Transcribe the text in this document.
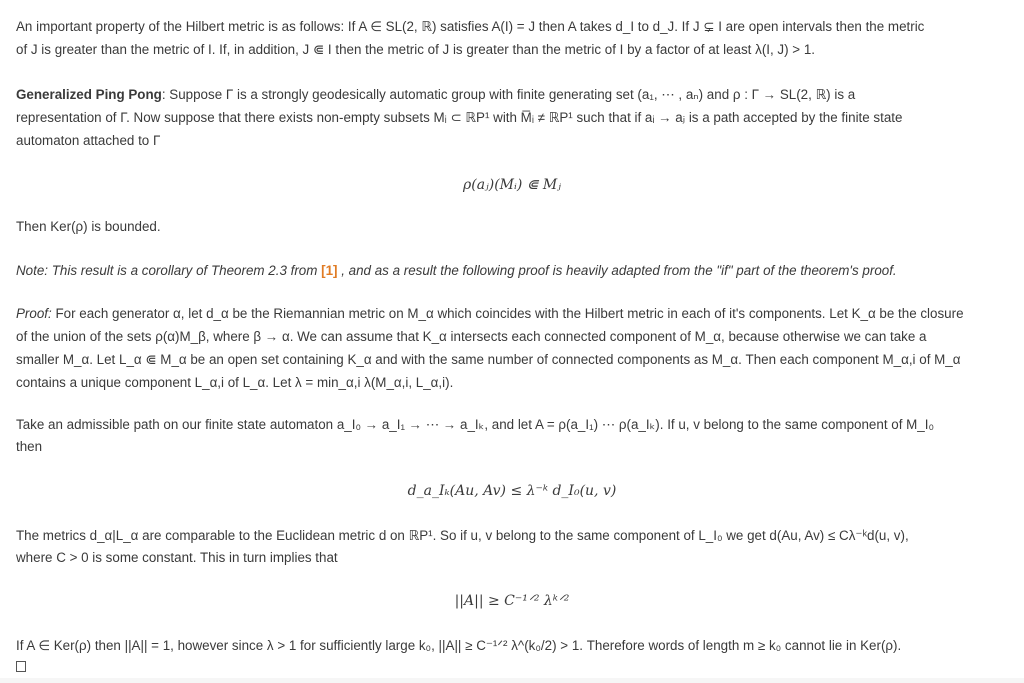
An important property of the Hilbert metric is as follows: If A ∈ SL(2, ℝ) satisfies A(I) = J then A takes d_I to d_J. If J ⊊ I are open intervals then the metric
of J is greater than the metric of I. If, in addition, J ⋐ I then the metric of J is greater than the metric of I by a factor of at least λ(I, J) > 1.
Generalized Ping Pong: Suppose Γ is a strongly geodesically automatic group with finite generating set (a₁, ⋯ , aₙ) and ρ : Γ → SL(2, ℝ) is a
representation of Γ. Now suppose that there exists non-empty subsets Mᵢ ⊂ ℝP¹ with M̅ᵢ ≠ ℝP¹ such that if aᵢ → aⱼ is a path accepted by the finite state
automaton attached to Γ
ρ(aⱼ)(Mᵢ) ⋐ Mⱼ
Then Ker(ρ) is bounded.
Note: This result is a corollary of Theorem 2.3 from [1] , and as a result the following proof is heavily adapted from the "if" part of the theorem's proof.
Proof: For each generator α, let d_α be the Riemannian metric on M_α which coincides with the Hilbert metric in each of it's components. Let K_α be the closure
of the union of the sets ρ(α)M_β, where β → α. We can assume that K_α intersects each connected component of M_α, because otherwise we can take a
smaller M_α. Let L_α ⋐ M_α be an open set containing K_α and with the same number of connected components as M_α. Then each component M_α,i of M_α
contains a unique component L_α,i of L_α. Let λ = min_α,i λ(M_α,i, L_α,i).
Take an admissible path on our finite state automaton a_I₀ → a_I₁ → ⋯ → a_Iₖ, and let A = ρ(a_I₁) ⋯ ρ(a_Iₖ). If u, v belong to the same component of M_I₀
then
d_a_Iₖ(Au, Av) ≤ λ⁻ᵏ d_I₀(u, v)
The metrics d_α|L_α are comparable to the Euclidean metric d on ℝP¹. So if u, v belong to the same component of L_I₀ we get d(Au, Av) ≤ Cλ⁻ᵏd(u, v),
where C > 0 is some constant. This in turn implies that
||A|| ≥ C⁻¹ᐟ² λᵏᐟ²
If A ∈ Ker(ρ) then ||A|| = 1, however since λ > 1 for sufficiently large k₀, ||A|| ≥ C⁻¹ᐟ² λ^(k₀/2) > 1. Therefore words of length m ≥ k₀ cannot lie in Ker(ρ).
